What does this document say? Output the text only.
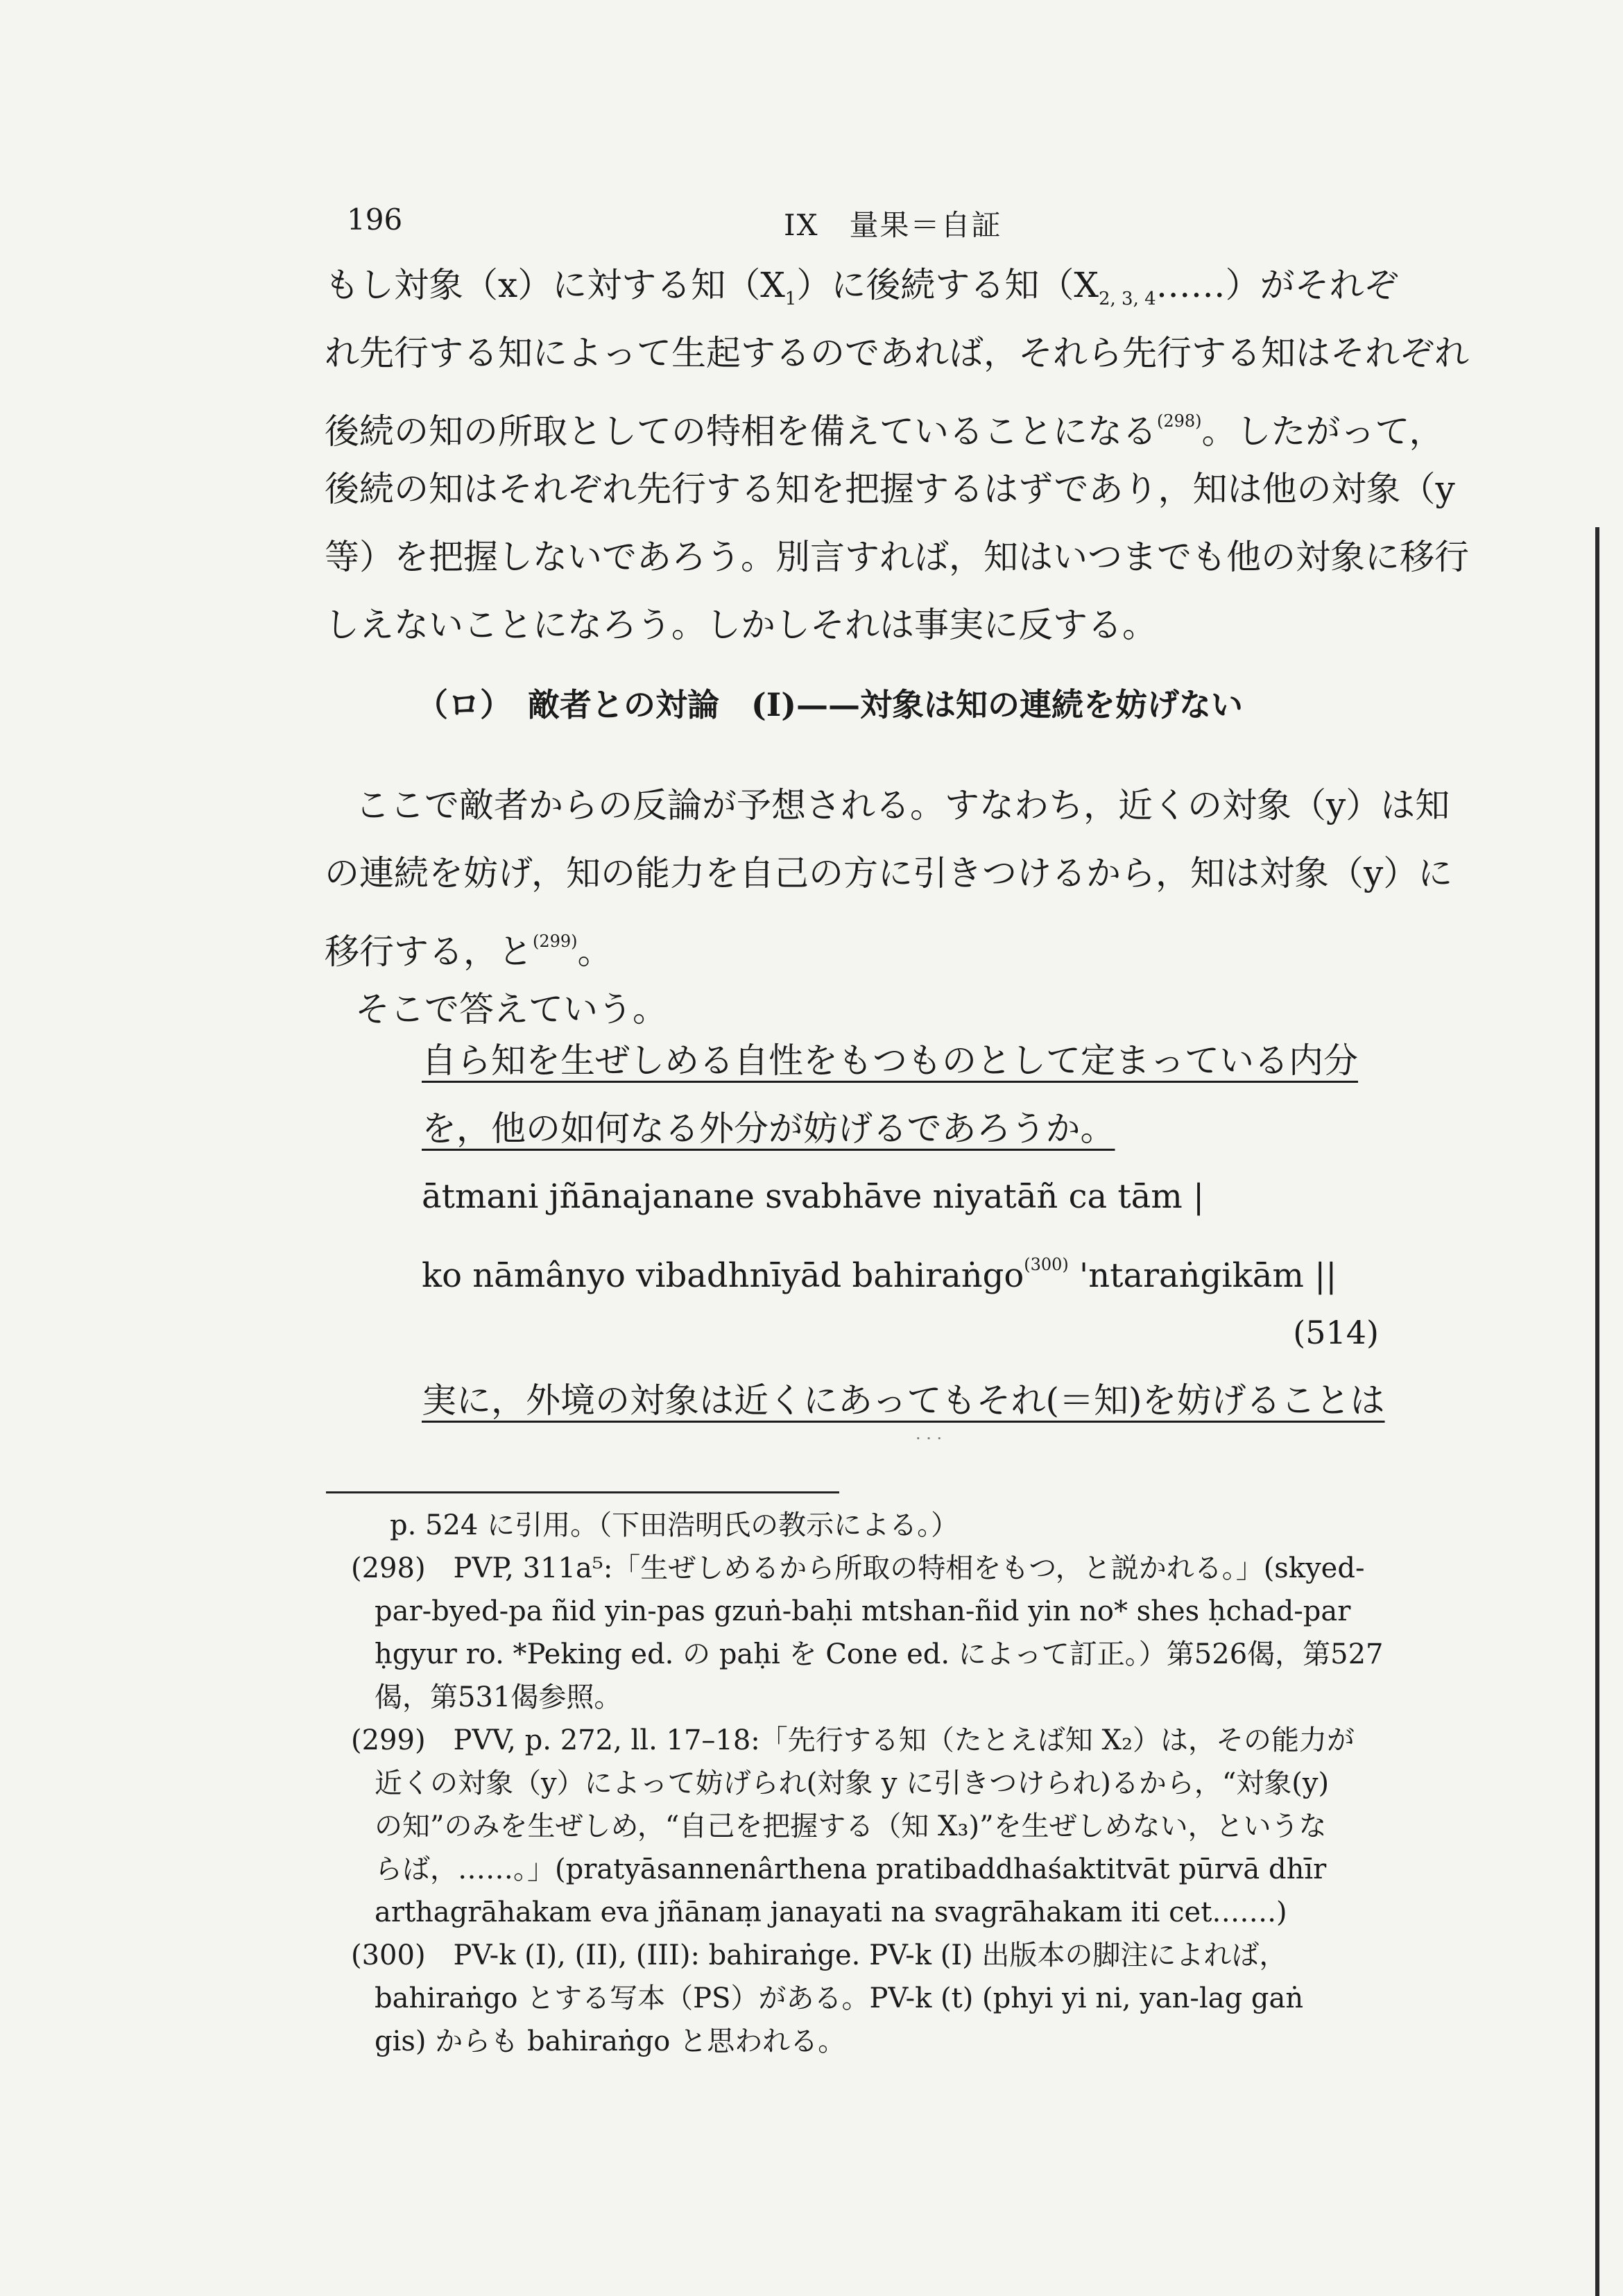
196	IX　量果＝自証
もし対象（x）に対する知$(X_1)$に後続する知$(X_{2, 3, 4}\dots\dots)$がそれぞ
れ先行する知によって生起するのであれば，それら先行する知はそれぞれ
後続の知の所取としての特相を備えていることになる$^{(298)}$。したがって，
後続の知はそれぞれ先行する知を把握するはずであり，知は他の対象（y
等）を把握しないであろう。別言すれば，知はいつまでも他の対象に移行
しえないことになろう。しかしそれは事実に反する。
（ロ）　敵者との対論　(I)——対象は知の連続を妨げない
ここで敵者からの反論が予想される。すなわち，近くの対象（y）は知
の連続を妨げ，知の能力を自己の方に引きつけるから，知は対象（y）に
移行する，と$^{(299)}$。
そこで答えていう。
自ら知を生ぜしめる自性をもつものとして定まっている内分
を，他の如何なる外分が妨げるであろうか。
ātmani jñānajanane svabhāve niyatāñ ca tām |
ko nāmânyo vibadhnīyād bahiraṅgo$^{(300)}$ 'ntaraṅgikām ||
(514)
実に，外境の対象は近くにあってもそれ(＝知)を妨げることは
· · ·
p. 524 に引用。（下田浩明氏の教示による。）
(298)　PVP, 311a⁵:「生ぜしめるから所取の特相をもつ，と説かれる。」(skyed-
par-byed-pa ñid yin-pas gzuṅ-baḥi mtshan-ñid yin no* shes ḥchad-par
ḥgyur ro. *Peking ed. の paḥi を Cone ed. によって訂正。）第526偈，第527
偈，第531偈参照。
(299)　PVV, p. 272, ll. 17–18:「先行する知（たとえば知 X₂）は，その能力が
近くの対象（y）によって妨げられ(対象 y に引きつけられ)るから，“対象(y)
の知”のみを生ぜしめ，“自己を把握する（知 X₃)”を生ぜしめない，というな
らば，……。」(pratyāsannenârthena pratibaddhaśaktitvāt pūrvā dhīr
arthagrāhakam eva jñānaṃ janayati na svagrāhakam iti cet…….)
(300)　PV-k (I), (II), (III): bahiraṅge. PV-k (I) 出版本の脚注によれば，
bahiraṅgo とする写本（PS）がある。PV-k (t) (phyi yi ni, yan-lag gaṅ
gis) からも bahiraṅgo と思われる。
